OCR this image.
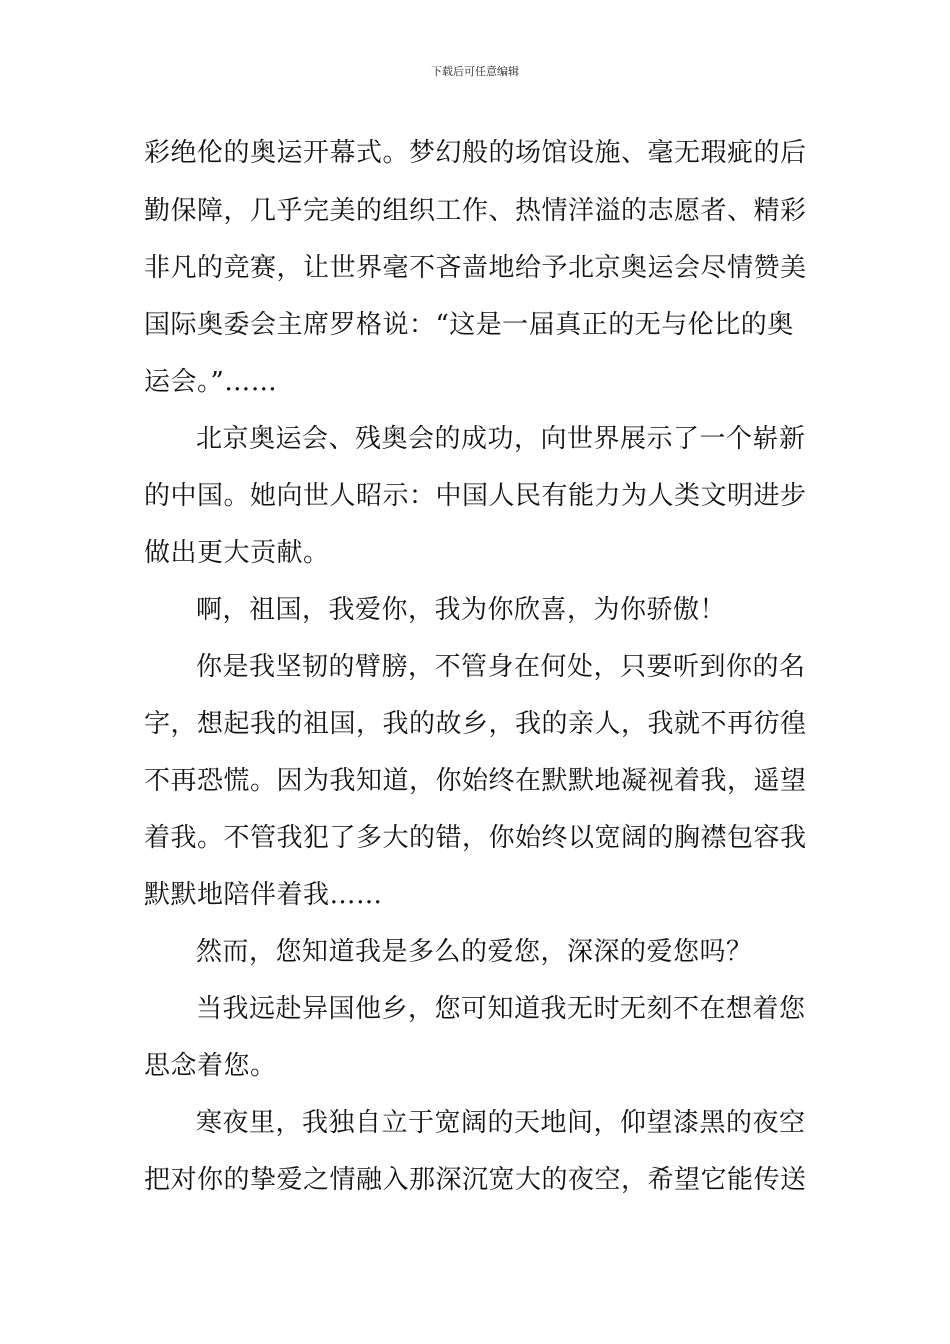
下载后可任意编辑
彩绝伦的奥运开幕式。梦幻般的场馆设施、毫无瑕疵的后
勤保障，几乎完美的组织工作、热情洋溢的志愿者、精彩
非凡的竞赛，让世界毫不吝啬地给予北京奥运会尽情赞美
国际奥委会主席罗格说：“这是一届真正的无与伦比的奥
运会。”……
北京奥运会、残奥会的成功，向世界展示了一个崭新
的中国。她向世人昭示：中国人民有能力为人类文明进步
做出更大贡献。
啊，祖国，我爱你，我为你欣喜，为你骄傲！
你是我坚韧的臂膀，不管身在何处，只要听到你的名
字，想起我的祖国，我的故乡，我的亲人，我就不再彷徨
不再恐慌。因为我知道，你始终在默默地凝视着我，遥望
着我。不管我犯了多大的错，你始终以宽阔的胸襟包容我
默默地陪伴着我……
然而，您知道我是多么的爱您，深深的爱您吗？
当我远赴异国他乡，您可知道我无时无刻不在想着您
思念着您。
寒夜里，我独自立于宽阔的天地间，仰望漆黑的夜空
把对你的挚爱之情融入那深沉宽大的夜空，希望它能传送
